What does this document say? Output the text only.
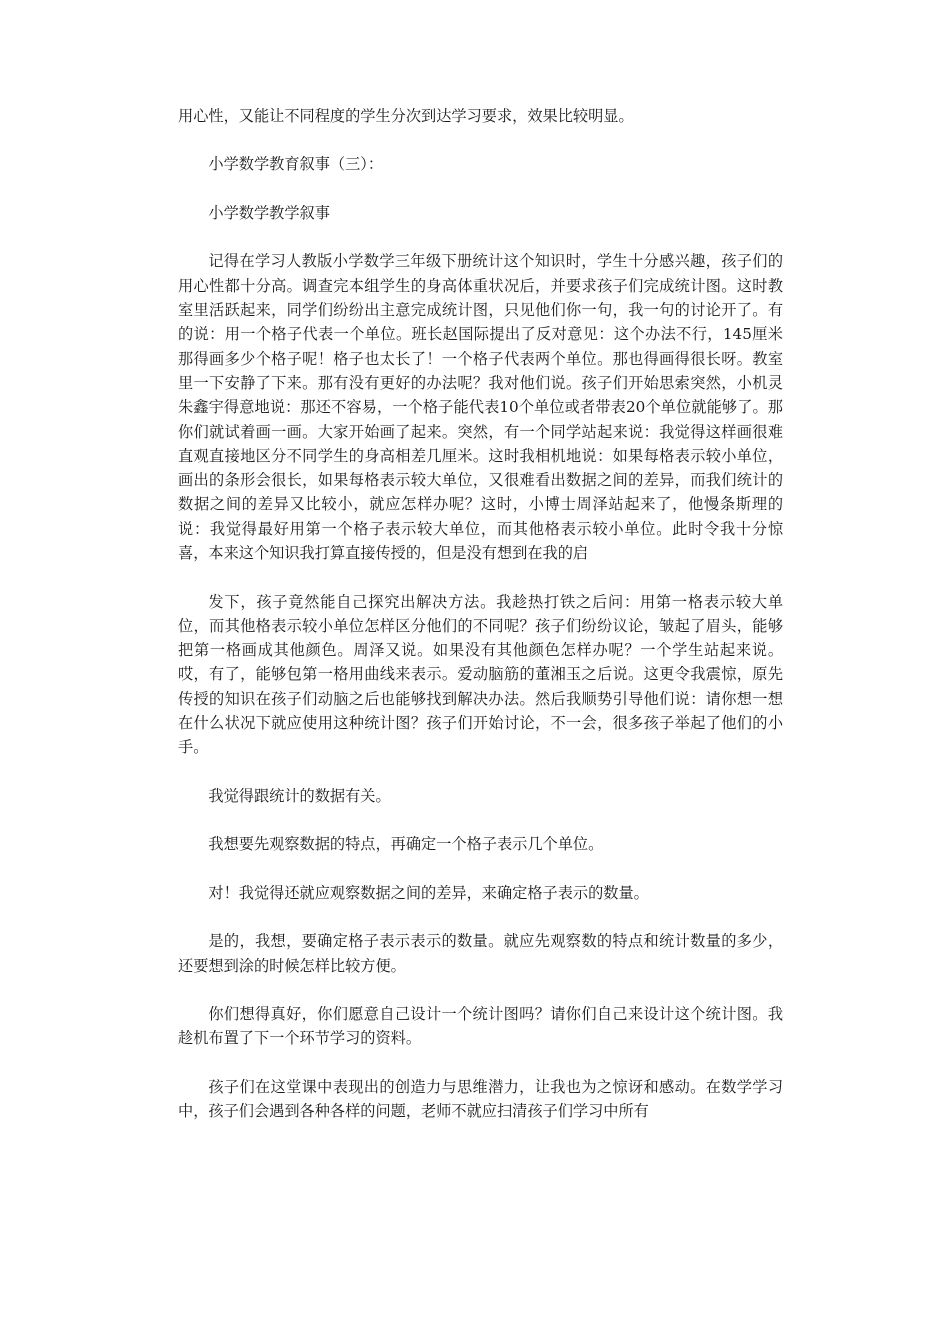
用心性，又能让不同程度的学生分次到达学习要求，效果比较明显。

小学数学教育叙事（三）：

小学数学教学叙事

记得在学习人教版小学数学三年级下册统计这个知识时，学生十分感兴趣，孩子们的用心性都十分高。调查完本组学生的身高体重状况后，并要求孩子们完成统计图。这时教室里活跃起来，同学们纷纷出主意完成统计图，只见他们你一句，我一句的讨论开了。有的说：用一个格子代表一个单位。班长赵国际提出了反对意见：这个办法不行，145厘米那得画多少个格子呢！格子也太长了！一个格子代表两个单位。那也得画得很长呀。教室里一下安静了下来。那有没有更好的办法呢？我对他们说。孩子们开始思索突然，小机灵朱鑫宇得意地说：那还不容易，一个格子能代表10个单位或者带表20个单位就能够了。那你们就试着画一画。大家开始画了起来。突然，有一个同学站起来说：我觉得这样画很难直观直接地区分不同学生的身高相差几厘米。这时我相机地说：如果每格表示较小单位，画出的条形会很长，如果每格表示较大单位，又很难看出数据之间的差异，而我们统计的数据之间的差异又比较小，就应怎样办呢？这时，小博士周泽站起来了，他慢条斯理的说：我觉得最好用第一个格子表示较大单位，而其他格表示较小单位。此时令我十分惊喜，本来这个知识我打算直接传授的，但是没有想到在我的启

发下，孩子竟然能自己探究出解决方法。我趁热打铁之后问：用第一格表示较大单位，而其他格表示较小单位怎样区分他们的不同呢？孩子们纷纷议论，皱起了眉头，能够把第一格画成其他颜色。周泽又说。如果没有其他颜色怎样办呢？一个学生站起来说。哎，有了，能够包第一格用曲线来表示。爱动脑筋的董湘玉之后说。这更令我震惊，原先传授的知识在孩子们动脑之后也能够找到解决办法。然后我顺势引导他们说：请你想一想在什么状况下就应使用这种统计图？孩子们开始讨论，不一会，很多孩子举起了他们的小手。

我觉得跟统计的数据有关。

我想要先观察数据的特点，再确定一个格子表示几个单位。

对！我觉得还就应观察数据之间的差异，来确定格子表示的数量。

是的，我想，要确定格子表示表示的数量。就应先观察数的特点和统计数量的多少，还要想到涂的时候怎样比较方便。

你们想得真好，你们愿意自己设计一个统计图吗？请你们自己来设计这个统计图。我趁机布置了下一个环节学习的资料。

孩子们在这堂课中表现出的创造力与思维潜力，让我也为之惊讶和感动。在数学学习中，孩子们会遇到各种各样的问题，老师不就应扫清孩子们学习中所有
